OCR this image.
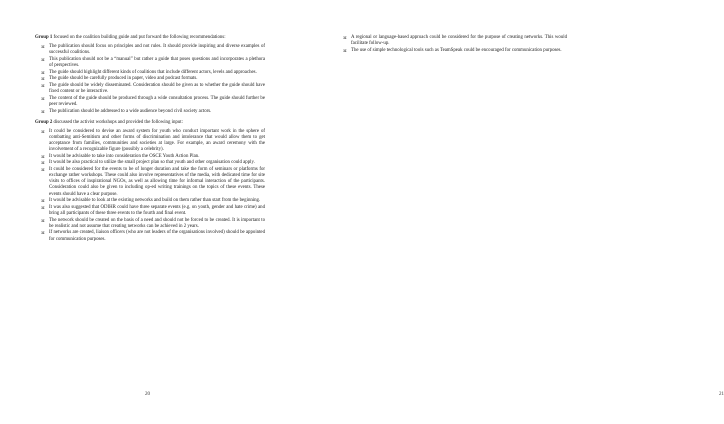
Group 1 focused on the coalition building guide and put forward the following recommendations:

⌘ The publication should focus on principles and not rules. It should provide inspiring and diverse examples of successful coalitions.
⌘ This publication should not be a “manual” but rather a guide that poses questions and incorporates a plethora of perspectives.
⌘ The guide should highlight different kinds of coalitions that include different actors, levels and approaches.
⌘ The guide should be carefully produced in paper, video and podcast formats.
⌘ The guide should be widely disseminated. Consideration should be given as to whether the guide should have fixed content or be interactive.
⌘ The content of the guide should be produced through a wide consultation process. The guide should further be peer reviewed.
⌘ The publication should be addressed to a wide audience beyond civil society actors.

Group 2 discussed the activist workshops and provided the following input:

⌘ It could be considered to devise an award system for youth who conduct important work in the sphere of combatting anti-Semitism and other forms of discrimination and intolerance that would allow them to get acceptance from families, communities and societies at large. For example, an award ceremony with the involvement of a recognizable figure (possibly a celebrity).
⌘ It would be advisable to take into consideration the OSCE Youth Action Plan.
⌘ It would be also practical to utilize the small project plan so that youth and other organisation could apply.
⌘ It could be considered for the events to be of longer duration and take the form of seminars or platforms for exchange rather workshops. These could also involve representatives of the media, with dedicated time for site visits to offices of inspirational NGOs, as well as allowing time for informal interaction of the participants. Consideration could also be given to including op-ed writing trainings on the topics of these events. These events should have a clear purpose.
⌘ It would be advisable to look at the existing networks and build on them rather than start from the beginning.
⌘ It was also suggested that ODIHR could have three separate events (e.g. on youth, gender and hate crime) and bring all participants of these three events to the fourth and final event.
⌘ The network should be created on the basis of a need and should not be forced to be created. It is important to be realistic and not assume that creating networks can be achieved in 2 years.
⌘ If networks are created, liaison officers (who are not leaders of the organisations involved) should be appointed for communication purposes.
20	21
⌘ A regional or language-based approach could be considered for the purpose of creating networks. This would facilitate follow-up.
⌘ The use of simple technological tools such as TeamSpeak could be encouraged for communication purposes.
